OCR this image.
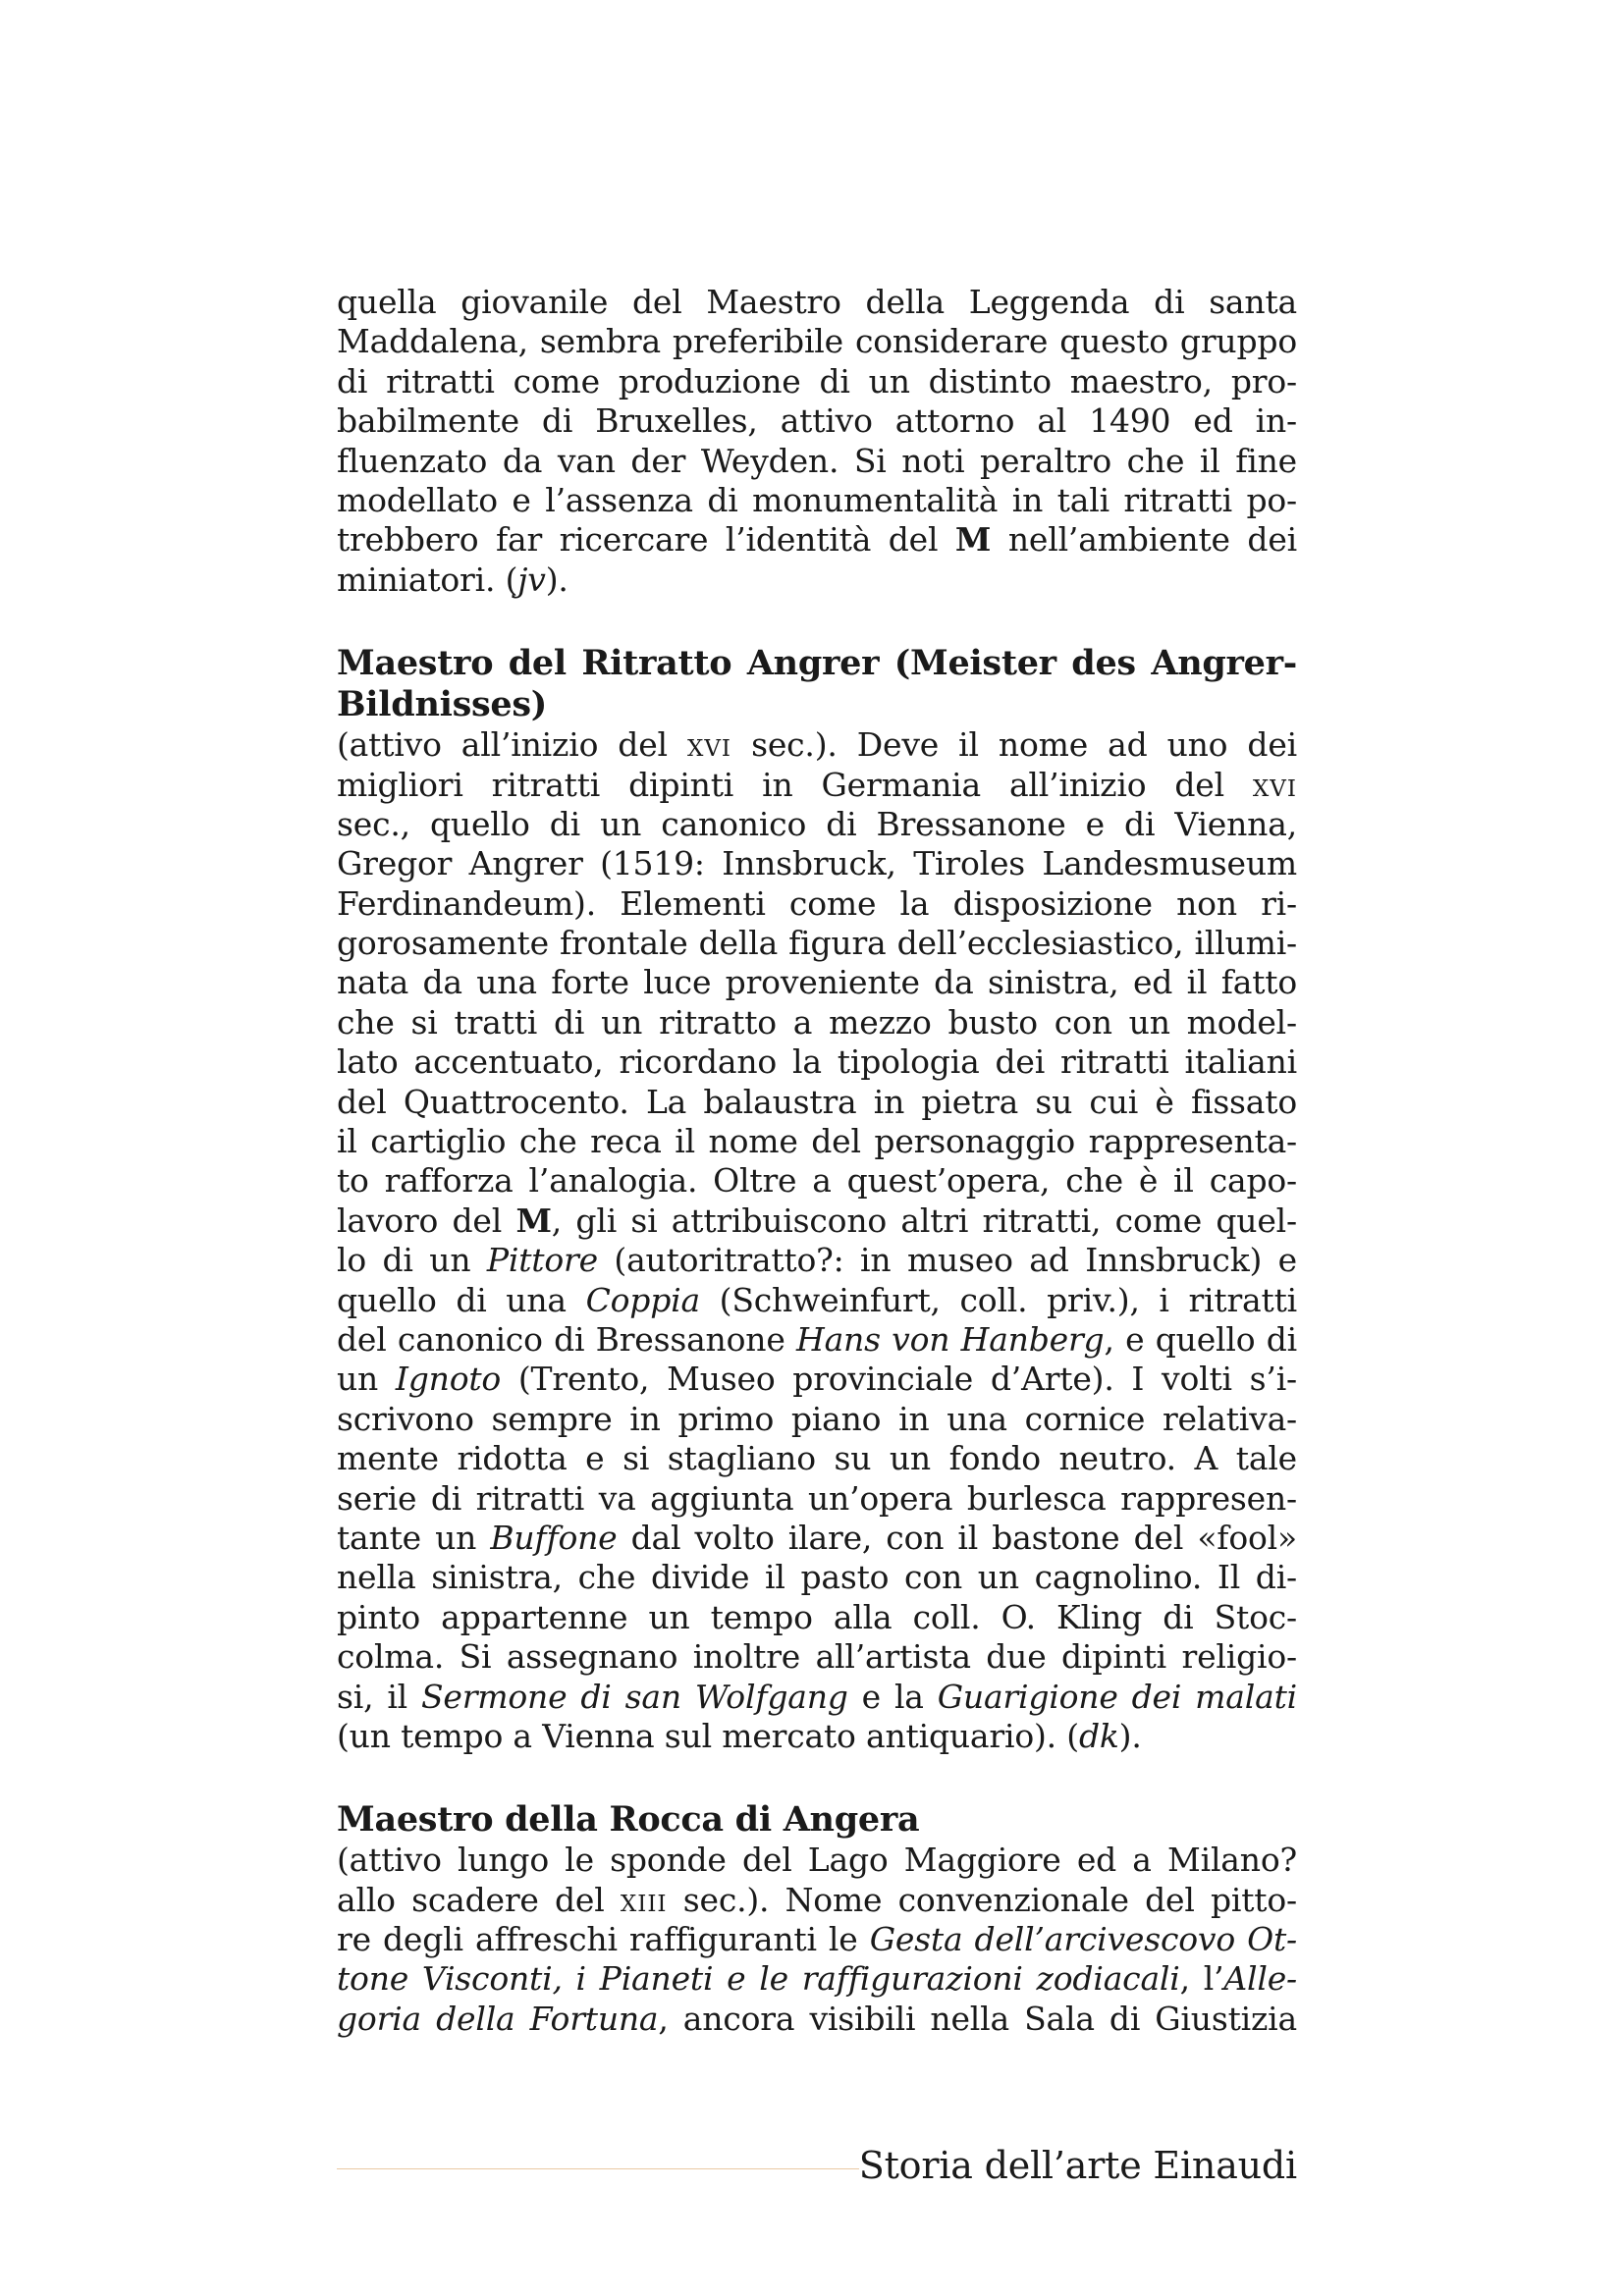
quella giovanile del Maestro della Leggenda di santa
Maddalena, sembra preferibile considerare questo gruppo
di ritratti come produzione di un distinto maestro, pro-
babilmente di Bruxelles, attivo attorno al 1490 ed in-
fluenzato da van der Weyden. Si noti peraltro che il fine
modellato e l’assenza di monumentalità in tali ritratti po-
trebbero far ricercare l’identità del M nell’ambiente dei
miniatori. (jv).
Maestro del Ritratto Angrer (Meister des Angrer-
Bildnisses)
(attivo all’inizio del xvi sec.). Deve il nome ad uno dei
migliori ritratti dipinti in Germania all’inizio del xvi
sec., quello di un canonico di Bressanone e di Vienna,
Gregor Angrer (1519: Innsbruck, Tiroles Landesmuseum
Ferdinandeum). Elementi come la disposizione non ri-
gorosamente frontale della figura dell’ecclesiastico, illumi-
nata da una forte luce proveniente da sinistra, ed il fatto
che si tratti di un ritratto a mezzo busto con un model-
lato accentuato, ricordano la tipologia dei ritratti italiani
del Quattrocento. La balaustra in pietra su cui è fissato
il cartiglio che reca il nome del personaggio rappresenta-
to rafforza l’analogia. Oltre a quest’opera, che è il capo-
lavoro del M, gli si attribuiscono altri ritratti, come quel-
lo di un Pittore (autoritratto?: in museo ad Innsbruck) e
quello di una Coppia (Schweinfurt, coll. priv.), i ritratti
del canonico di Bressanone Hans von Hanberg, e quello di
un Ignoto (Trento, Museo provinciale d’Arte). I volti s’i-
scrivono sempre in primo piano in una cornice relativa-
mente ridotta e si stagliano su un fondo neutro. A tale
serie di ritratti va aggiunta un’opera burlesca rappresen-
tante un Buffone dal volto ilare, con il bastone del «fool»
nella sinistra, che divide il pasto con un cagnolino. Il di-
pinto appartenne un tempo alla coll. O. Kling di Stoc-
colma. Si assegnano inoltre all’artista due dipinti religio-
si, il Sermone di san Wolfgang e la Guarigione dei malati
(un tempo a Vienna sul mercato antiquario). (dk).
Maestro della Rocca di Angera
(attivo lungo le sponde del Lago Maggiore ed a Milano?
allo scadere del xiii sec.). Nome convenzionale del pitto-
re degli affreschi raffiguranti le Gesta dell’arcivescovo Ot-
tone Visconti, i Pianeti e le raffigurazioni zodiacali, l’Alle-
goria della Fortuna, ancora visibili nella Sala di Giustizia
Storia dell’arte Einaudi
